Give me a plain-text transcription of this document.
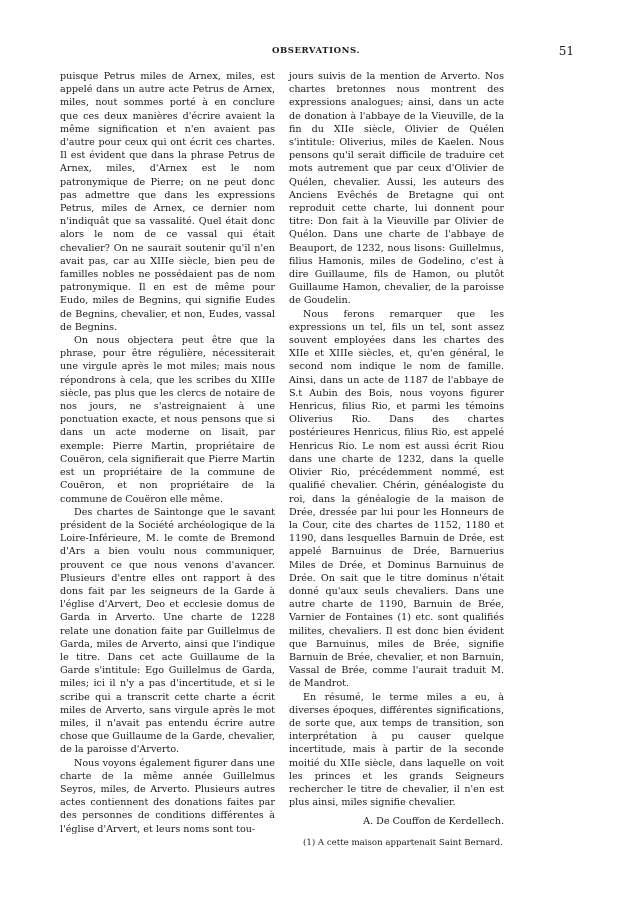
OBSERVATIONS.	51

puisque Petrus miles de Arnex, miles, est appelé dans un autre acte Petrus de Arnex, miles, nout sommes porté à en conclure que ces deux manières d'écrire avaient la même signification et n'en avaient pas d'autre pour ceux qui ont écrit ces chartes. Il est évident que dans la phrase Petrus de Arnex, miles, d'Arnex est le nom patronymique de Pierre; on ne peut donc pas admettre que dans les expressions Petrus, miles de Arnex, ce dernier nom n'indiquât que sa vassalité. Quel était donc alors le nom de ce vassal qui était chevalier? On ne saurait soutenir qu'il n'en avait pas, car au XIIIe siècle, bien peu de familles nobles ne possédaient pas de nom patronymique. Il en est de même pour Eudo, miles de Begnins, qui signifie Eudes de Begnins, chevalier, et non, Eudes, vassal de Begnins.

On nous objectera peut être que la phrase, pour être régulière, nécessiterait une virgule après le mot miles; mais nous répondrons à cela, que les scribes du XIIIe siècle, pas plus que les clercs de notaire de nos jours, ne s'astreignaient à une ponctuation exacte, et nous pensons que si dans un acte moderne on lisait, par exemple: Pierre Martin, propriétaire de Couëron, cela signifierait que Pierre Martin est un propriétaire de la commune de Couëron, et non propriétaire de la commune de Couëron elle même.

Des chartes de Saintonge que le savant président de la Société archéologique de la Loire-Inférieure, M. le comte de Bremond d'Ars a bien voulu nous communiquer, prouvent ce que nous venons d'avancer. Plusieurs d'entre elles ont rapport à des dons fait par les seigneurs de la Garde à l'église d'Arvert, Deo et ecclesie domus de Garda in Arverto. Une charte de 1228 relate une donation faite par Guillelmus de Garda, miles de Arverto, ainsi que l'indique le titre. Dans cet acte Guillaume de la Garde s'intitule: Ego Guillelmus de Garda, miles; ici il n'y a pas d'incertitude, et si le scribe qui a transcrit cette charte a écrit miles de Arverto, sans virgule après le mot miles, il n'avait pas entendu écrire autre chose que Guillaume de la Garde, chevalier, de la paroisse d'Arverto.

Nous voyons également figurer dans une charte de la même année Guillelmus Seyros, miles, de Arverto. Plusieurs autres actes contiennent des donations faites par des personnes de conditions différentes à l'église d'Arvert, et leurs noms sont tou-

jours suivis de la mention de Arverto. Nos chartes bretonnes nous montrent des expressions analogues; ainsi, dans un acte de donation à l'abbaye de la Vieuville, de la fin du XIIe siècle, Olivier de Quélen s'intitule: Oliverius, miles de Kaelen. Nous pensons qu'il serait difficile de traduire cet mots autrement que par ceux d'Olivier de Quélen, chevalier. Aussi, les auteurs des Anciens Evêchés de Bretagne qui ont reproduit cette charte, lui donnent pour titre: Don fait à la Vieuville par Olivier de Quélon. Dans une charte de l'abbaye de Beauport, de 1232, nous lisons: Guillelmus, filius Hamonis, miles de Godelino, c'est à dire Guillaume, fils de Hamon, ou plutôt Guillaume Hamon, chevalier, de la paroisse de Goudelin.

Nous ferons remarquer que les expressions un tel, fils un tel, sont assez souvent employées dans les chartes des XIIe et XIIIe siècles, et, qu'en général, le second nom indique le nom de famille. Ainsi, dans un acte de 1187 de l'abbaye de S.t Aubin des Bois, nous voyons figurer Henricus, filius Rio, et parmi les témoins Oliverius Rio. Dans des chartes postérieures Henricus, filius Rio, est appelé Henricus Rio. Le nom est aussi écrit Riou dans une charte de 1232, dans la quelle Olivier Rio, précédemment nommé, est qualifié chevalier. Chérin, généalogiste du roi, dans la généalogie de la maison de Drée, dressée par lui pour les Honneurs de la Cour, cite des chartes de 1152, 1180 et 1190, dans lesquelles Barnuin de Drée, est appelé Barnuinus de Drée, Barnuerius Miles de Drée, et Dominus Barnuinus de Drée. On sait que le titre dominus n'était donné qu'aux seuls chevaliers. Dans une autre charte de 1190, Barnuin de Brée, Varnier de Fontaines (1) etc. sont qualifiés milites, chevaliers. Il est donc bien évident que Barnuinus, miles de Brée, signifie Barnuin de Brée, chevalier, et non Barnuin, Vassal de Brée, comme l'aurait traduit M. de Mandrot.

En résumé, le terme miles a eu, à diverses époques, différentes significations, de sorte que, aux temps de transition, son interprétation à pu causer quelque incertitude, mais à partir de la seconde moitié du XIIe siècle, dans laquelle on voit les princes et les grands Seigneurs rechercher le titre de chevalier, il n'en est plus ainsi, miles signifie chevalier.

A. De Couffon de Kerdellech.

(1) A cette maison appartenait Saint Bernard.
